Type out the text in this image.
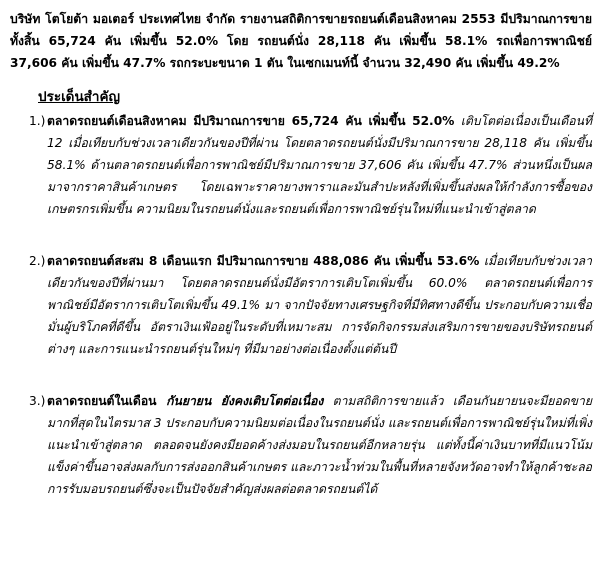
บริษัท โตโยต้า มอเตอร์ ประเทศไทย จำกัด รายงานสถิติการขายรถยนต์เดือนสิงหาคม 2553 มีปริมาณการขายทั้งสิ้น 65,724 คัน เพิ่มขึ้น 52.0% โดย รถยนต์นั่ง 28,118 คัน เพิ่มขึ้น 58.1% รถเพื่อการพาณิชย์ 37,606 คัน เพิ่มขึ้น 47.7% รถกระบะขนาด 1 ตัน ในเซกเมนท์นี้ จำนวน 32,490 คัน เพิ่มขึ้น 49.2%

ประเด็นสำคัญ

1.) ตลาดรถยนต์เดือนสิงหาคม มีปริมาณการขาย 65,724 คัน เพิ่มขึ้น 52.0% เติบโตต่อเนื่องเป็นเดือนที่ 12 เมื่อเทียบกับช่วงเวลาเดียวกันของปีที่ผ่าน โดยตลาดรถยนต์นั่งมีปริมาณการขาย 28,118 คัน เพิ่มขึ้น 58.1% ด้านตลาดรถยนต์เพื่อการพาณิชย์มีปริมาณการขาย 37,606 คัน เพิ่มขึ้น 47.7% ส่วนหนึ่งเป็นผลมาจากราคาสินค้าเกษตร โดยเฉพาะราคายางพาราและมันสำปะหลังที่เพิ่มขึ้นส่งผลให้กำลังการซื้อของเกษตรกรเพิ่มขึ้น ความนิยมในรถยนต์นั่งและรถยนต์เพื่อการพาณิชย์รุ่นใหม่ที่แนะนำเข้าสู่ตลาด

2.) ตลาดรถยนต์สะสม 8 เดือนแรก มีปริมาณการขาย 488,086 คัน เพิ่มขึ้น 53.6% เมื่อเทียบกับช่วงเวลาเดียวกันของปีที่ผ่านมา โดยตลาดรถยนต์นั่งมีอัตราการเติบโตเพิ่มขึ้น 60.0% ตลาดรถยนต์เพื่อการพาณิชย์มีอัตราการเติบโตเพิ่มขึ้น 49.1% มา จากปัจจัยทางเศรษฐกิจที่มีทิศทางดีขึ้น ประกอบกับความเชื่อมั่นผู้บริโภคที่ดีขึ้น อัตราเงินเฟ้ออยู่ในระดับที่เหมาะสม การจัดกิจกรรมส่งเสริมการขายของบริษัทรถยนต์ต่างๆ และการแนะนำรถยนต์รุ่นใหม่ๆ ที่มีมาอย่างต่อเนื่องตั้งแต่ต้นปี

3.) ตลาดรถยนต์ในเดือน กันยายน ยังคงเติบโตต่อเนื่อง ตามสถิติการขายแล้ว เดือนกันยายนจะมียอดขายมากที่สุดในไตรมาส 3 ประกอบกับความนิยมต่อเนื่องในรถยนต์นั่ง และรถยนต์เพื่อการพาณิชย์รุ่นใหม่ที่เพิ่งแนะนำเข้าสู่ตลาด ตลอดจนยังคงมียอดค้างส่งมอบในรถยนต์อีกหลายรุ่น แต่ทั้งนี้ค่าเงินบาทที่มีแนวโน้มแข็งค่าขึ้นอาจส่งผลกับการส่งออกสินค้าเกษตร และภาวะน้ำท่วมในพื้นที่หลายจังหวัดอาจทำให้ลูกค้าชะลอการรับมอบรถยนต์ซึ่งจะเป็นปัจจัยสำคัญส่งผลต่อตลาดรถยนต์ได้
